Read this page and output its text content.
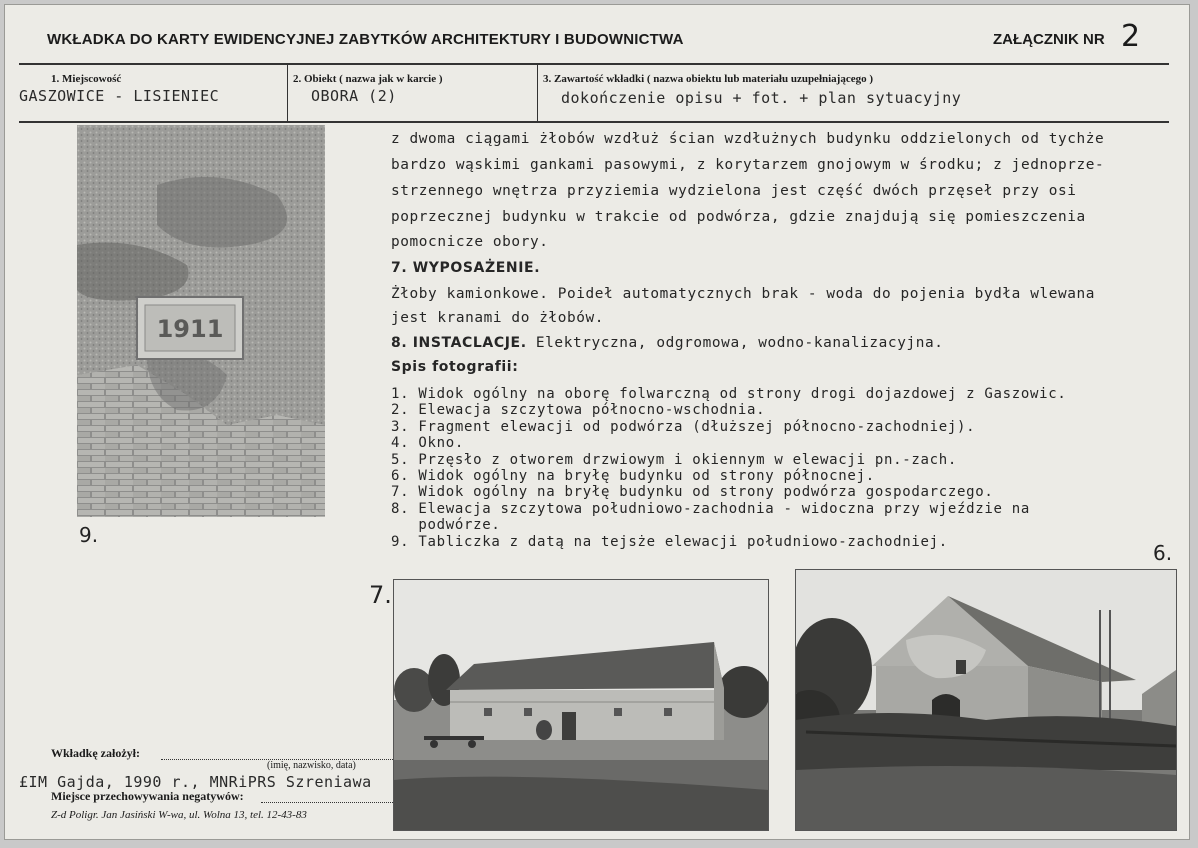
WKŁADKA DO KARTY EWIDENCYJNEJ ZABYTKÓW ARCHITEKTURY I BUDOWNICTWA	ZAŁĄCZNIK NR 2
1. Miejscowość
GASZOWICE - LISIENIEC
2. Obiekt ( nazwa jak w karcie )
OBORA (2)
3. Zawartość wkładki ( nazwa obiektu lub materiału uzupełniającego )
dokończenie opisu + fot. + plan sytuacyjny
1911
9.
z dwoma ciągami żłobów wzdłuż ścian wzdłużnych budynku oddzielonych od tychże
bardzo wąskimi gankami pasowymi, z korytarzem gnojowym w środku; z jednoprze-
strzennego wnętrza przyziemia wydzielona jest część dwóch przęseł przy osi
poprzecznej budynku w trakcie od podwórza, gdzie znajdują się pomieszczenia
pomocnicze obory.
7. WYPOSAŻENIE.
Żłoby kamionkowe. Poideł automatycznych brak - woda do pojenia bydła wlewana
jest kranami do żłobów.
8. INSTACLACJE. Elektryczna, odgromowa, wodno-kanalizacyjna.
Spis fotografii:
1. Widok ogólny na oborę folwarczną od strony drogi dojazdowej z Gaszowic.
2. Elewacja szczytowa północno-wschodnia.
3. Fragment elewacji od podwórza (dłuższej północno-zachodniej).
4. Okno.
5. Przęsło z otworem drzwiowym i okiennym w elewacji pn.-zach.
6. Widok ogólny na bryłę budynku od strony północnej.
7. Widok ogólny na bryłę budynku od strony podwórza gospodarczego.
8. Elewacja szczytowa południowo-zachodnia - widoczna przy wjeździe na
podwórze.
9. Tabliczka z datą na tejsże elewacji południowo-zachodniej.
7.
6.
Wkładkę założył:
(imię, nazwisko, data)
£IM Gajda, 1990 r., MNRiPRS Szreniawa
Miejsce przechowywania negatywów:
Z-d Poligr. Jan Jasiński W-wa, ul. Wolna 13, tel. 12-43-83
